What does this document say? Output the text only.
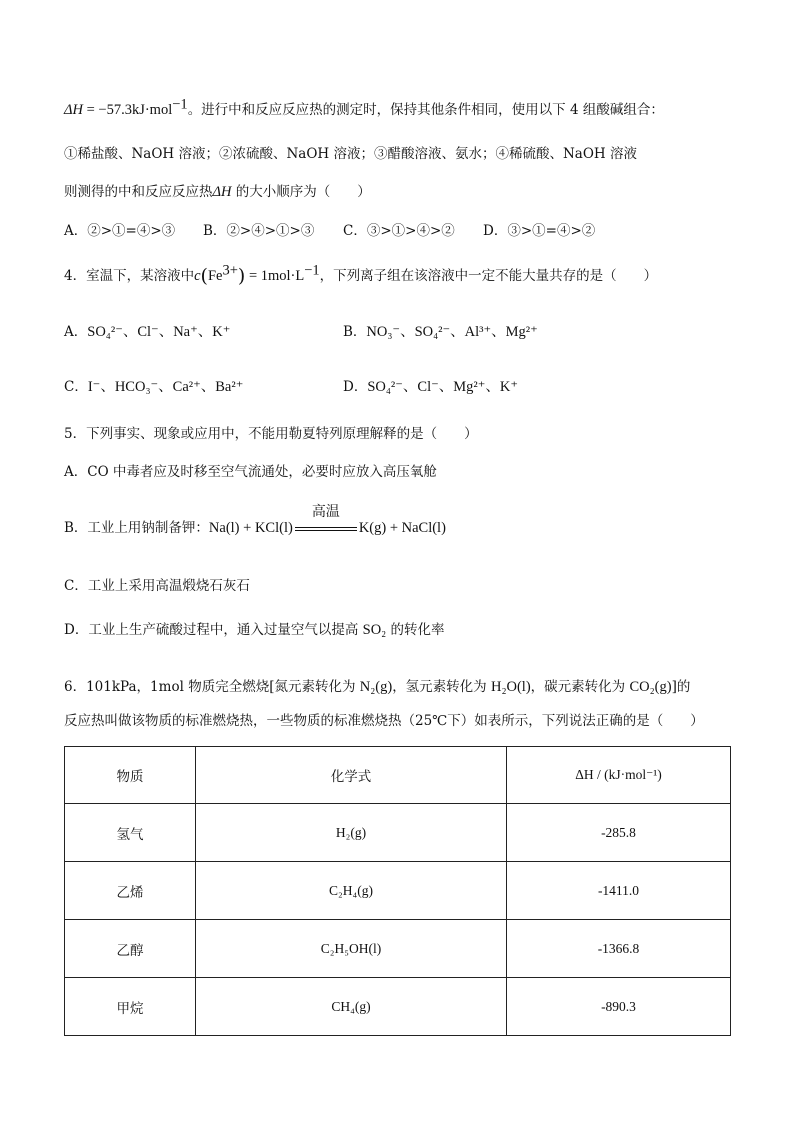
ΔH = −57.3kJ·mol$^{-1}$。进行中和反应反应热的测定时，保持其他条件相同，使用以下 4 组酸碱组合：
①稀盐酸、NaOH 溶液；②浓硫酸、NaOH 溶液；③醋酸溶液、氨水；④稀硫酸、NaOH 溶液
则测得的中和反应反应热ΔH 的大小顺序为（　　）
A．②>①=④>③ B．②>④>①>③ C．③>①>④>② D．③>①=④>②
4．室温下，某溶液中$c(Fe^{3+}) = 1mol\cdot L^{-1}$，下列离子组在该溶液中一定不能大量共存的是（　　）
A．SO₄²⁻、Cl⁻、Na⁺、K⁺	B．NO₃⁻、SO₄²⁻、Al³⁺、Mg²⁺
C．I⁻、HCO₃⁻、Ca²⁺、Ba²⁺	D．SO₄²⁻、Cl⁻、Mg²⁺、K⁺
5．下列事实、现象或应用中，不能用勒夏特列原理解释的是（　　）
A．CO 中毒者应及时移至空气流通处，必要时应放入高压氧舱
B．工业上用钠制备钾：Na(l) + KCl(l)
高温
K(g) + NaCl(l)
C．工业上采用高温煅烧石灰石
D．工业上生产硫酸过程中，通入过量空气以提高 SO₂ 的转化率
6．101kPa，1mol 物质完全燃烧[氮元素转化为 N₂(g)，氢元素转化为 H₂O(l)，碳元素转化为 CO₂(g)]的
反应热叫做该物质的标准燃烧热，一些物质的标准燃烧热（25℃下）如表所示，下列说法正确的是（　　）
物质	化学式	ΔH / (kJ·mol⁻¹)
氢气	H₂(g)	-285.8
乙烯	C₂H₄(g)	-1411.0
乙醇	C₂H₅OH(l)	-1366.8
甲烷	CH₄(g)	-890.3
